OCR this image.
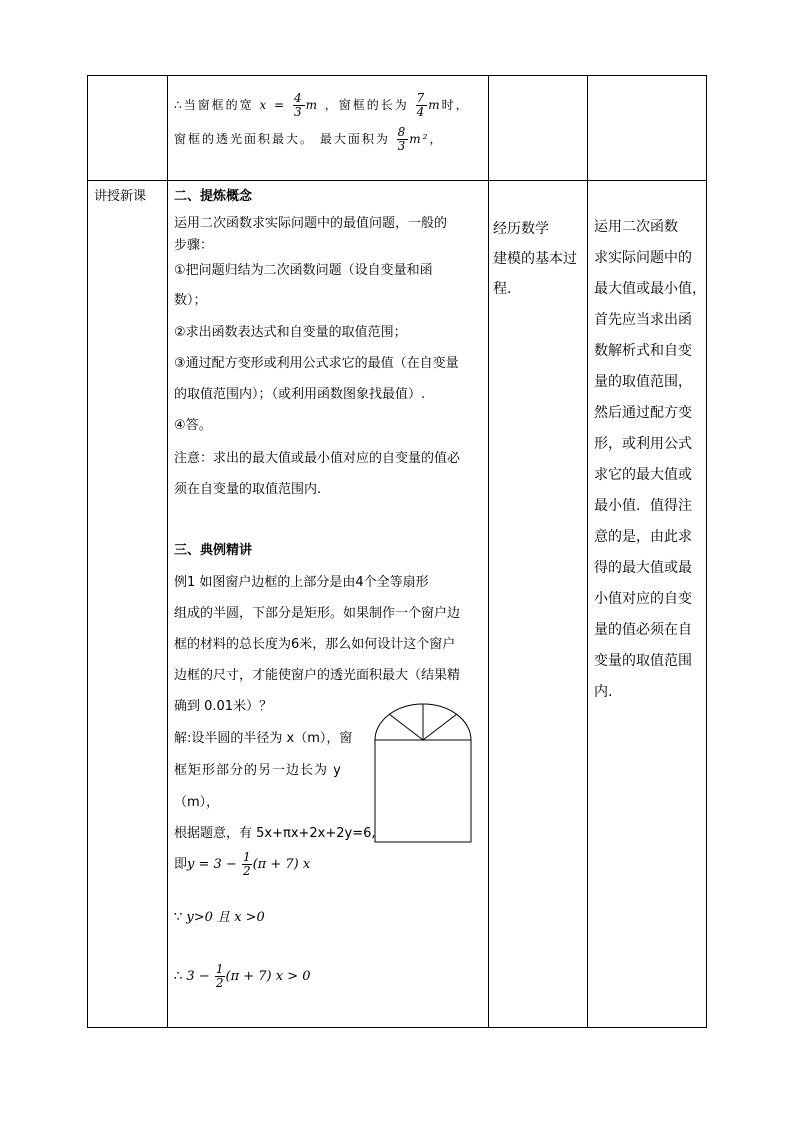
∴当窗框的宽 $x = \frac{4}{3}$ m ，窗框的长为 $\frac{7}{4}$ m时，
窗框的透光面积最大。 最大面积为 $\frac{8}{3} m^2$，
讲授新课 二、提炼概念
运用二次函数求实际问题中的最值问题，一般的
步骤：
①把问题归结为二次函数问题（设自变量和函
数）；
②求出函数表达式和自变量的取值范围；
③通过配方变形或利用公式求它的最值（在自变量
的取值范围内）；（或利用函数图象找最值）.
④答。
注意：求出的最大值或最小值对应的自变量的值必
须在自变量的取值范围内.
三、典例精讲
例1 如图窗户边框的上部分是由4个全等扇形
组成的半圆，下部分是矩形。如果制作一个窗户边
框的材料的总长度为6米，那么如何设计这个窗户
边框的尺寸，才能使窗户的透光面积最大（结果精
确到 0.01米）？
解:设半圆的半径为 x（m），窗
框矩形部分的另一边长为 y
（m），
根据题意，有 5x+πx+2x+2y=6,
即$y = 3 - \frac{1}{2} (\pi + 7)$ x
∵ y>0 且 x >0
∴ $3 - \frac{1}{2} (\pi + 7) x > 0$
经历数学
建模的基本过
程.
运用二次函数
求实际问题中的
最大值或最小值，
首先应当求出函
数解析式和自变
量的取值范围，
然后通过配方变
形，或利用公式
求它的最大值或
最小值．值得注
意的是，由此求
得的最大值或最
小值对应的自变
量的值必须在自
变量的取值范围
内.
